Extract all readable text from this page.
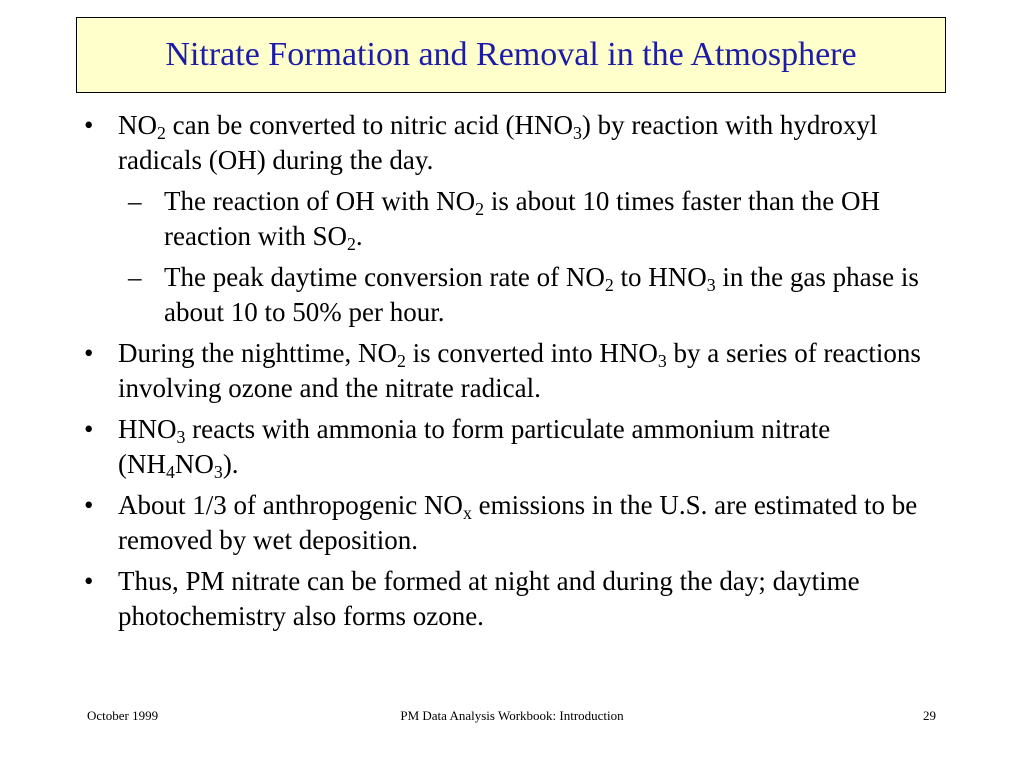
Nitrate Formation and Removal in the Atmosphere
• $NO_2$ can be converted to nitric acid $(HNO_3)$ by reaction with hydroxyl radicals (OH) during the day.
– The reaction of OH with $NO_2$ is about 10 times faster than the OH reaction with $SO_2$.
– The peak daytime conversion rate of $NO_2$ to $HNO_3$ in the gas phase is about 10 to 50% per hour.
• During the nighttime, $NO_2$ is converted into $HNO_3$ by a series of reactions involving ozone and the nitrate radical.
• $HNO_3$ reacts with ammonia to form particulate ammonium nitrate $(NH_4NO_3)$.
• About 1/3 of anthropogenic $NO_x$ emissions in the U.S. are estimated to be removed by wet deposition.
• Thus, PM nitrate can be formed at night and during the day; daytime photochemistry also forms ozone.
October 1999	PM Data Analysis Workbook: Introduction	29
